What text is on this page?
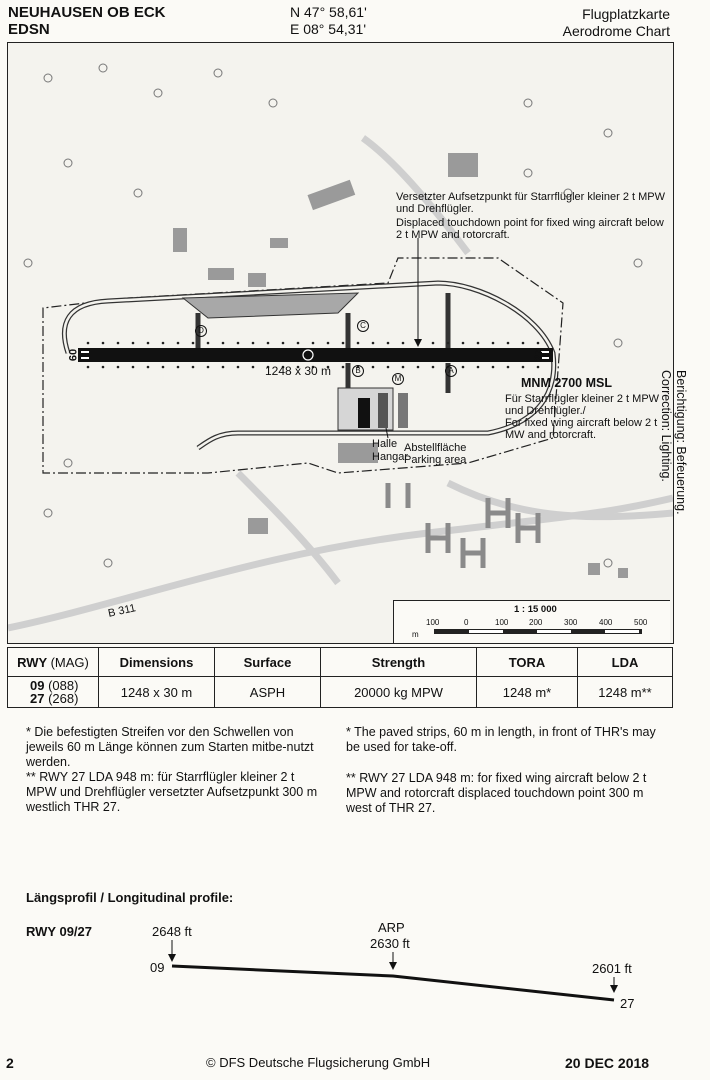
NEUHAUSEN OB ECK
EDSN
N 47° 58,61'
E 08° 54,31'
Flugplatzkarte
Aerodrome Chart
Versetzter Aufsetzpunkt für Starrflügler kleiner 2 t MPW und Drehflügler.
Displaced touchdown point for fixed wing aircraft below 2 t MPW and rotorcraft.
1248 x 30 m
MNM 2700 MSL
Für Starrflügler kleiner 2 t MPW und Drehflügler./
For fixed wing aircraft below 2 t MW and rotorcraft.
Halle
Hangar
Abstellfläche
Parking area
B 311
09	27
A
B
C
D
M
1 : 15 000
m
100	0	100	200	300	400	500
Berichtigung: Befeuerung.
Correction: Lighting.
RWY (MAG)	Dimensions	Surface	Strength	TORA	LDA
09 (088)
27 (268)	1248 x 30 m	ASPH	20000 kg MPW	1248 m*	1248 m**
* Die befestigten Streifen vor den Schwellen von jeweils 60 m Länge können zum Starten mitbe-nutzt werden.
** RWY 27 LDA 948 m: für Starrflügler kleiner 2 t MPW und Drehflügler versetzter Aufsetzpunkt 300 m westlich THR 27.
* The paved strips, 60 m in length, in front of THR's may be used for take-off.
** RWY 27 LDA 948 m: for fixed wing aircraft below 2 t MPW and rotorcraft displaced touchdown point 300 m west of THR 27.
Längsprofil / Longitudinal profile:
RWY 09/27	2648 ft
09
ARP
2630 ft
2601 ft
27
2	© DFS Deutsche Flugsicherung GmbH	20 DEC 2018
